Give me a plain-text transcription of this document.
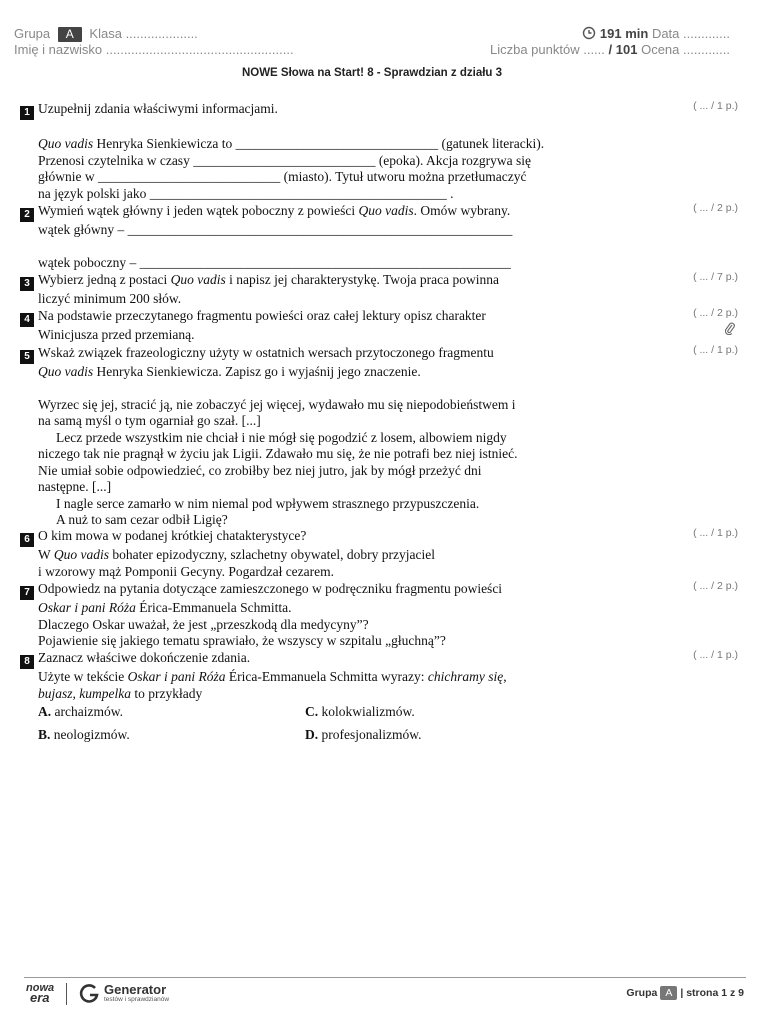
Grupa A Klasa ....................
Imię i nazwisko ....................................................
191 min Data .............
Liczba punktów ...... / 101 Ocena .............
NOWE Słowa na Start! 8 - Sprawdzian z działu 3
1 Uzupełnij zdania właściwymi informacjami.

Quo vadis Henryka Sienkiewicza to ______________________________ (gatunek literacki).

Przenosi czytelnika w czasy ___________________________ (epoka). Akcja rozgrywa się

głównie w ___________________________ (miasto). Tytuł utworu można przetłumaczyć

na język polski jako ____________________________________________ .

( ... / 1 p.)
2 Wymień wątek główny i jeden wątek poboczny z powieści Quo vadis. Omów wybrany.

wątek główny – _________________________________________________________

wątek poboczny – _______________________________________________________

( ... / 2 p.)
3 Wybierz jedną z postaci Quo vadis i napisz jej charakterystykę. Twoja praca powinna

liczyć minimum 200 słów.

( ... / 7 p.)
4 Na podstawie przeczytanego fragmentu powieści oraz całej lektury opisz charakter

Winicjusza przed przemianą.

( ... / 2 p.)
5 Wskaż związek frazeologiczny użyty w ostatnich wersach przytoczonego fragmentu

Quo vadis Henryka Sienkiewicza. Zapisz go i wyjaśnij jego znaczenie.

Wyrzec się jej, stracić ją, nie zobaczyć jej więcej, wydawało mu się niepodobieństwem i

na samą myśl o tym ogarniał go szał. [...]

Lecz przede wszystkim nie chciał i nie mógł się pogodzić z losem, albowiem nigdy

niczego tak nie pragnął w życiu jak Ligii. Zdawało mu się, że nie potrafi bez niej istnieć.

Nie umiał sobie odpowiedzieć, co zrobiłby bez niej jutro, jak by mógł przeżyć dni

następne. [...]

I nagle serce zamarło w nim niemal pod wpływem strasznego przypuszczenia.

A nuż to sam cezar odbił Ligię?

( ... / 1 p.)
6 O kim mowa w podanej krótkiej chatakterystyce?

W Quo vadis bohater epizodyczny, szlachetny obywatel, dobry przyjaciel

i wzorowy mąż Pomponii Gecyny. Pogardzał cezarem.

( ... / 1 p.)
7 Odpowiedz na pytania dotyczące zamieszczonego w podręczniku fragmentu powieści

Oskar i pani Róża Érica-Emmanuela Schmitta.

Dlaczego Oskar uważał, że jest „przeszkodą dla medycyny”?

Pojawienie się jakiego tematu sprawiało, że wszyscy w szpitalu „głuchną”?

( ... / 2 p.)
8 Zaznacz właściwe dokończenie zdania.

Użyte w tekście Oskar i pani Róża Érica-Emmanuela Schmitta wyrazy: chichramy się,

bujasz, kumpelka to przykłady

( ... / 1 p.)
A. archaizmów.	C. kolokwializmów.
B. neologizmów.	D. profesjonalizmów.
nowa
era
Generator
testów i sprawdzianów
Grupa A | strona 1 z 9
